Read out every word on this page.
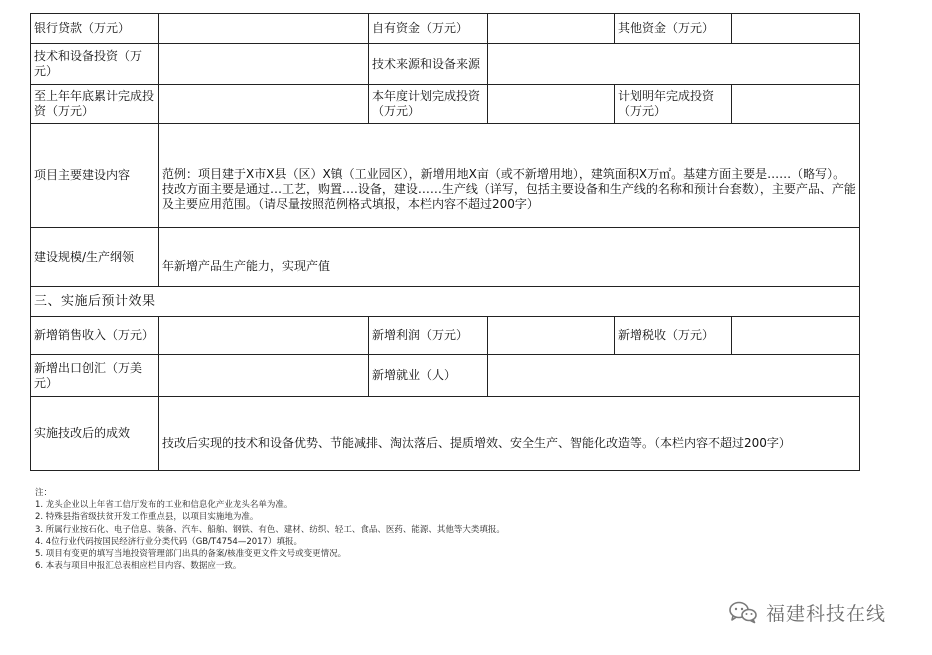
银行贷款（万元）		自有资金（万元）		其他资金（万元）	
技术和设备投资（万元）		技术来源和设备来源			
至上年年底累计完成投资（万元）		本年度计划完成投资（万元）		计划明年完成投资（万元）	
项目主要建设内容	范例：项目建于X市X县（区）X镇（工业园区），新增用地X亩（或不新增用地），建筑面积X万㎡。基建方面主要是……（略写）。技改方面主要是通过…工艺，购置….设备，建设……生产线（详写，包括主要设备和生产线的名称和预计台套数），主要产品、产能及主要应用范围。（请尽量按照范例格式填报，本栏内容不超过200字）				
建设规模/生产纲领	年新增产品生产能力，实现产值				
三、实施后预计效果					
新增销售收入（万元）		新增利润（万元）		新增税收（万元）	
新增出口创汇（万美元）		新增就业（人）			
实施技改后的成效	技改后实现的技术和设备优势、节能减排、淘汰落后、提质增效、安全生产、智能化改造等。（本栏内容不超过200字）				
注：
1. 龙头企业以上年省工信厅发布的工业和信息化产业龙头名单为准。
2. 特殊县指省级扶贫开发工作重点县，以项目实施地为准。
3. 所属行业按石化、电子信息、装备、汽车、船舶、钢铁、有色、建材、纺织、轻工、食品、医药、能源、其他等大类填报。
4. 4位行业代码按国民经济行业分类代码（GB/T4754—2017）填报。
5. 项目有变更的填写当地投资管理部门出具的备案/核准变更文件文号或变更情况。
6. 本表与项目申报汇总表相应栏目内容、数据应一致。
福建科技在线
